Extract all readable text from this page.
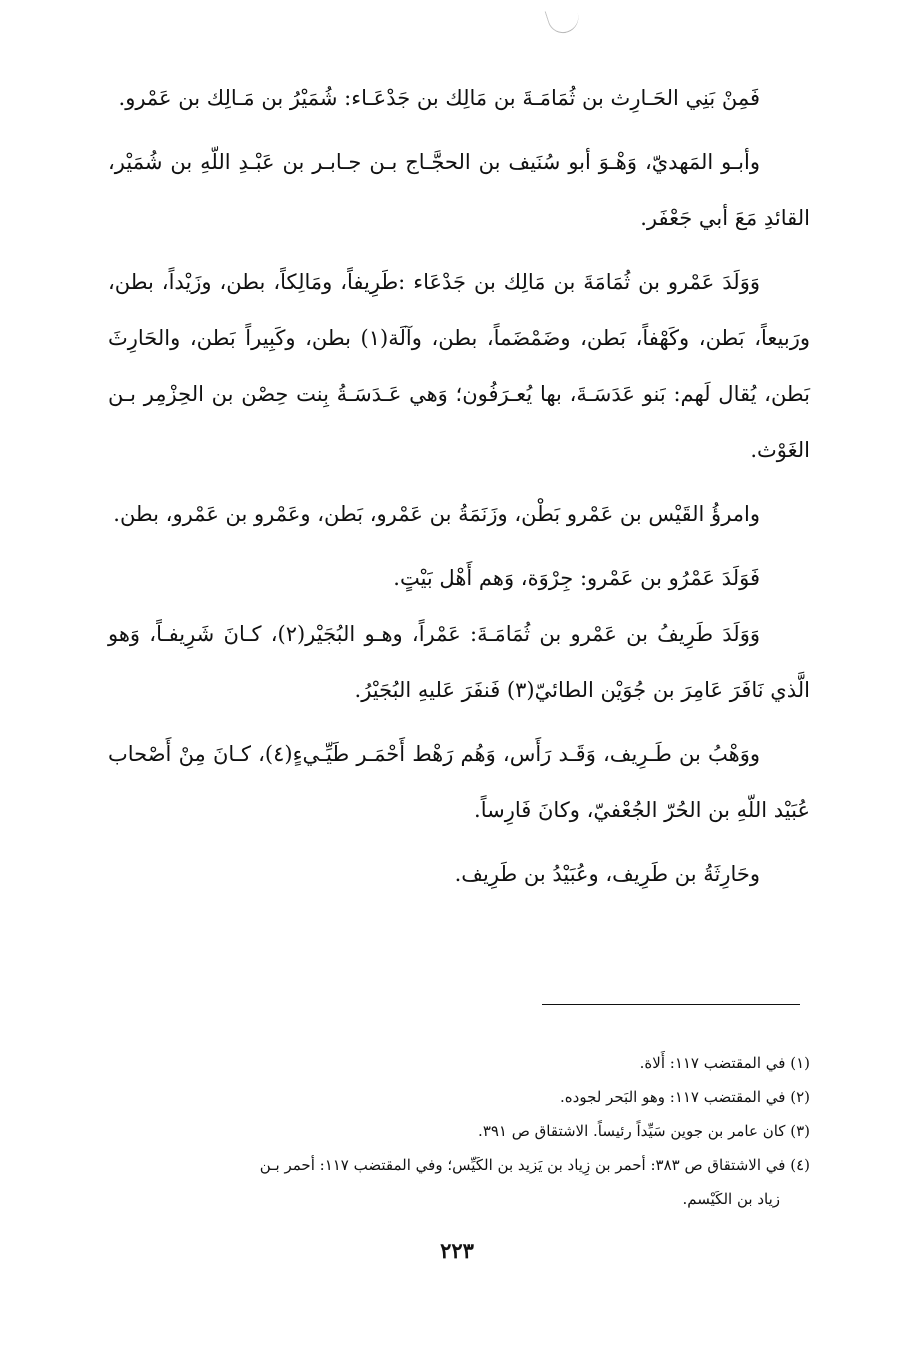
فَمِنْ بَنِي الحَـارِث بن ثُمَامَـةَ بن مَالِك بن جَدْعَـاء: شُمَيْرُ بن مَـالِك بن عَمْرو.

وأبـو المَهديّ، وَهْـوَ أبو سُنَيف بن الحجَّـاج بـن جـابـر بن عَبْـدِ اللّهِ بن شُمَيْر، القائدِ مَعَ أبي جَعْفَر.

وَوَلَدَ عَمْرو بن ثُمَامَةَ بن مَالِك بن جَدْعَاء :طَرِيفاً، ومَالِكاً، بطن، وزَيْداً، بطن، ورَبيعاً، بَطن، وكَهْفاً، بَطن، وضَمْضَماً، بطن، وآلَة(١) بطن، وكَبِيراً بَطن، والحَارِثَ بَطن، يُقال لَهم: بَنو عَدَسَـةَ، بها يُعـرَفُون؛ وَهي عَـدَسَـةُ بِنت حِصْن بن الحِزْمِر بـن الغَوْث.

وامرؤُ القَيْس بن عَمْرو بَطْن، وزَنَمَةُ بن عَمْرو، بَطن، وعَمْرو بن عَمْرو، بطن.

فَوَلَدَ عَمْرُو بن عَمْرو: جِرْوَة، وَهم أَهْل بَيْتٍ.

وَوَلَدَ طَرِيفُ بن عَمْرو بن ثُمَامَـةَ: عَمْراً، وهـو البُجَيْر(٢)، كـانَ شَرِيفـاً، وَهو الَّذي نَافَرَ عَامِرَ بن جُوَيْن الطائيّ(٣) فَنفَرَ عَليهِ البُجَيْرُ.

ووَهْبُ بن طَـرِيف، وَقَـد رَأَس، وَهُم رَهْط أَحْمَـر طَيِّـيءٍ(٤)، كـانَ مِنْ أَصْحاب عُبَيْد اللّهِ بن الحُرّ الجُعْفيّ، وكانَ فَارِساً.

وحَارِثَةُ بن طَرِيف، وعُبَيْدُ بن طَرِيف.

(١) في المقتضب ١١٧: أَلاة.

(٢) في المقتضب ١١٧: وهو البَحر لجوده.

(٣) كان عامر بن جوين سَيِّداً رئيساً. الاشتقاق ص ٣٩١.

(٤) في الاشتقاق ص ٣٨٣: أحمر بن زِياد بن يَزيد بن الكَيِّس؛ وفي المقتضب ١١٧: أحمر بـن

زياد بن الكَيْسم.

٢٢٣
